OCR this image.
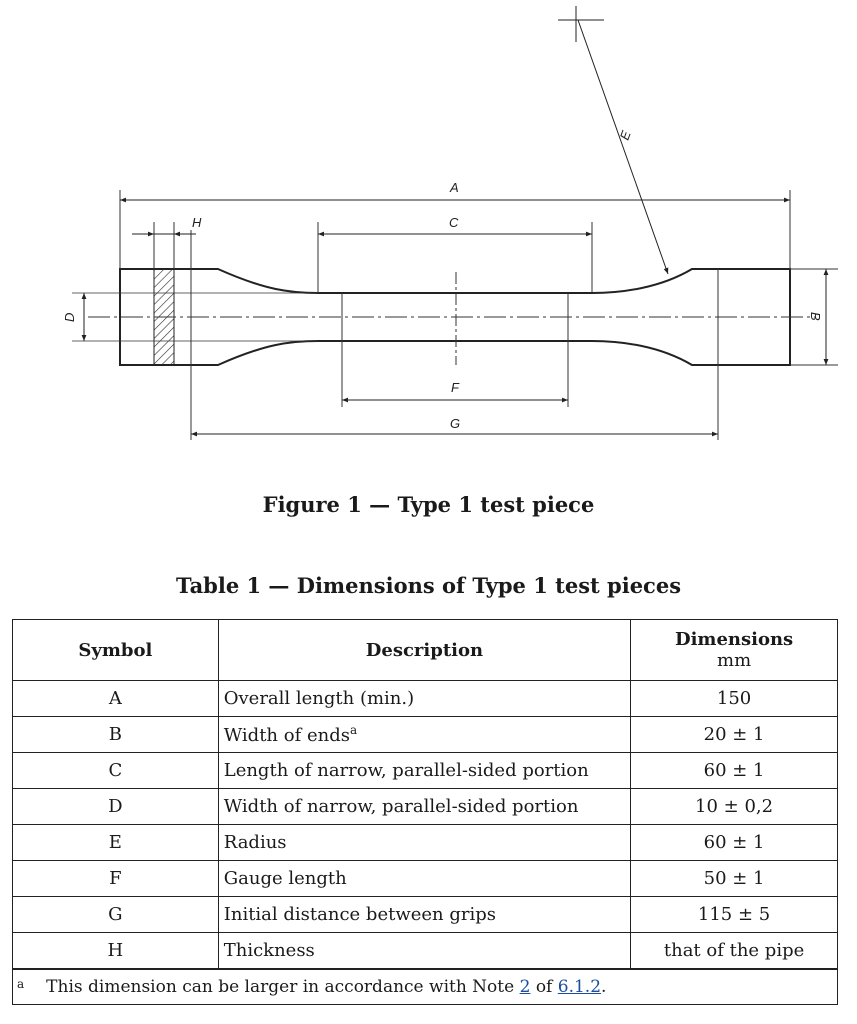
A
C
H
D	B
F
G
E
Figure 1 — Type 1 test piece
Table 1 — Dimensions of Type 1 test pieces
Symbol	Description	Dimensions
mm

A	Overall length (min.)	150
B	Width of ends$^a$	20 ± 1
C	Length of narrow, parallel-sided portion	60 ± 1
D	Width of narrow, parallel-sided portion	10 ± 0,2
E	Radius	60 ± 1
F	Gauge length	50 ± 1
G	Initial distance between grips	115 ± 5
H	Thickness	that of the pipe
$^a$ This dimension can be larger in accordance with Note 2 of 6.1.2.		
